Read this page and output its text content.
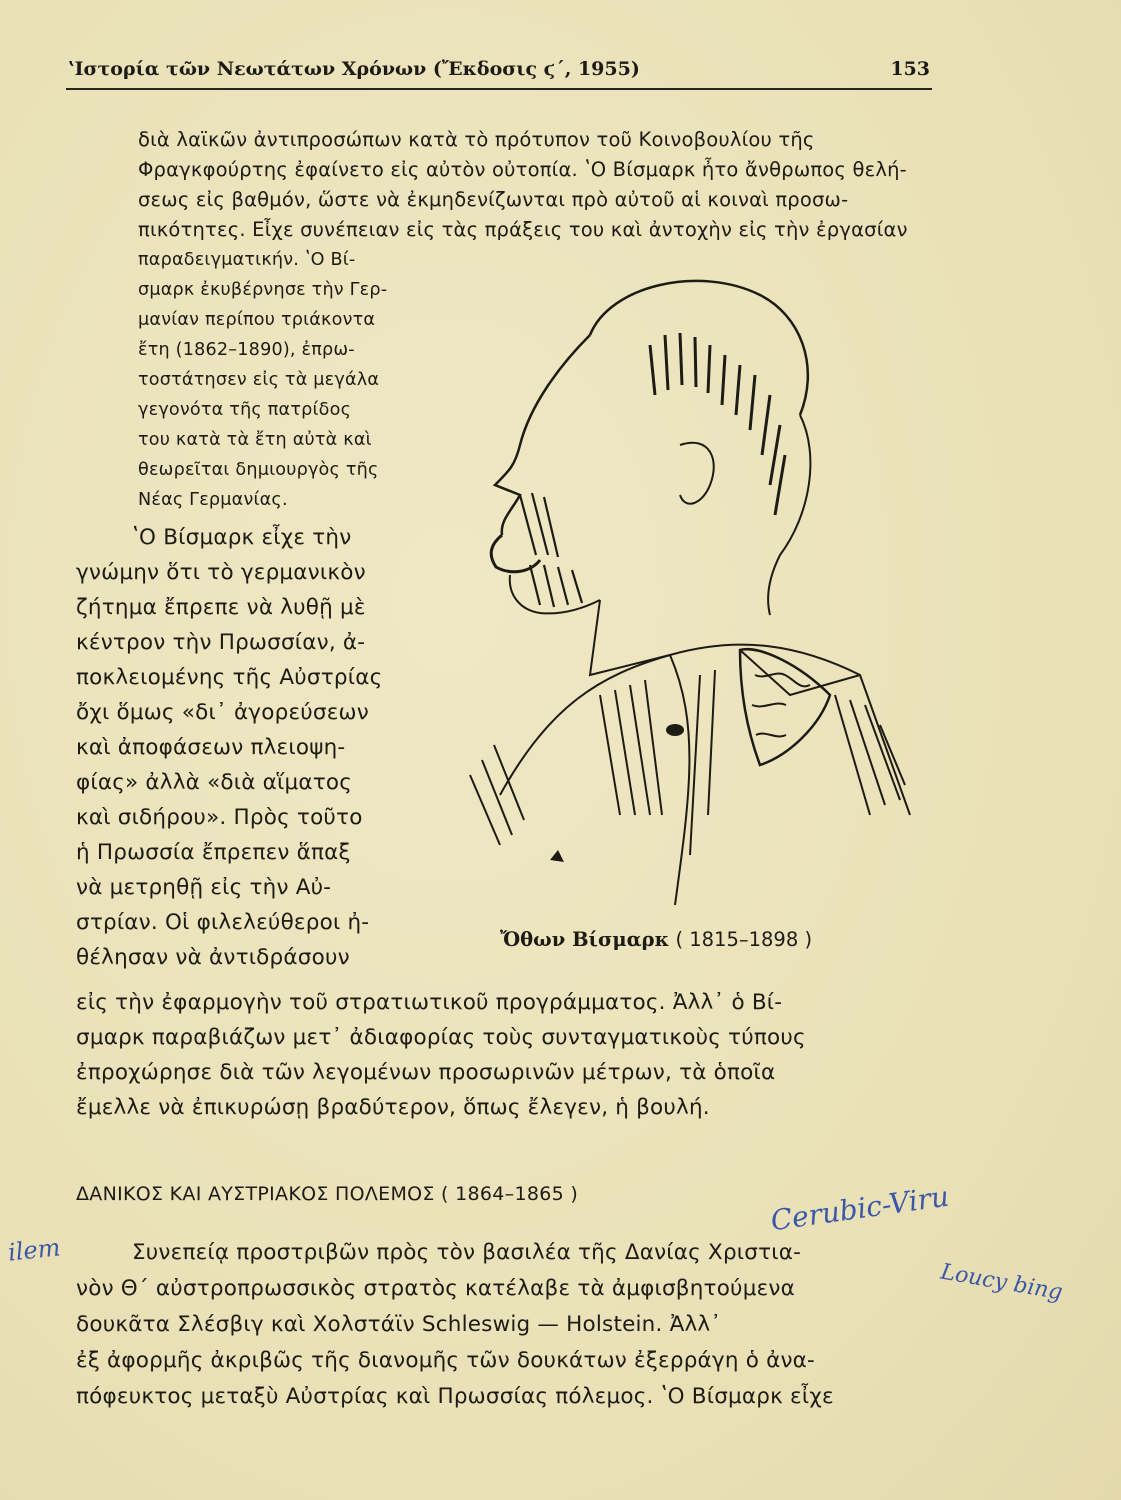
ʽΙστορία τῶν Νεωτάτων Χρόνων (Ἔκδοσις ϛ΄, 1955)	153
διὰ λαϊκῶν ἀντιπροσώπων κατὰ τὸ πρότυπον τοῦ Κοινοβουλίου τῆς
Φραγκφούρτης ἐφαίνετο εἰς αὐτὸν οὐτοπία. ʽΟ Βίσμαρκ ἦτο ἄνθρωπος θελή-
σεως εἰς βαθμόν, ὥστε νὰ ἐκμηδενίζωνται πρὸ αὐτοῦ αἱ κοιναὶ προσω-
πικότητες. Εἶχε συνέπειαν εἰς τὰς πράξεις του καὶ ἀντοχὴν εἰς τὴν ἐργασίαν
παραδειγματικήν. ʽΟ Βί-
σμαρκ ἐκυβέρνησε τὴν Γερ-
μανίαν περίπου τριάκοντα
ἔτη (1862–1890), ἐπρω-
τοστάτησεν εἰς τὰ μεγάλα
γεγονότα τῆς πατρίδος
του κατὰ τὰ ἔτη αὐτὰ καὶ
θεωρεῖται δημιουργὸς τῆς
Νέας Γερμανίας.
ʽΟ Βίσμαρκ εἶχε τὴν
γνώμην ὅτι τὸ γερμανικὸν
ζήτημα ἔπρεπε νὰ λυθῇ μὲ
κέντρον τὴν Πρωσσίαν, ἀ-
ποκλειομένης τῆς Αὐστρίας
ὄχι ὅμως «δι᾽ ἀγορεύσεων
καὶ ἀποφάσεων πλειοψη-
φίας» ἀλλὰ «διὰ αἵματος
καὶ σιδήρου». Πρὸς τοῦτο
ἡ Πρωσσία ἔπρεπεν ἅπαξ
νὰ μετρηθῇ εἰς τὴν Αὐ-
στρίαν. Οἱ φιλελεύθεροι ἠ-
θέλησαν νὰ ἀντιδράσουν
εἰς τὴν ἐφαρμογὴν τοῦ στρατιωτικοῦ προγράμματος. Ἀλλ᾽ ὁ Βί-
σμαρκ παραβιάζων μετ᾽ ἀδιαφορίας τοὺς συνταγματικοὺς τύπους
ἐπροχώρησε διὰ τῶν λεγομένων προσωρινῶν μέτρων, τὰ ὁποῖα
ἔμελλε νὰ ἐπικυρώσῃ βραδύτερον, ὅπως ἔλεγεν, ἡ βουλή.
Ὄθων Βίσμαρκ ( 1815–1898 )
ΔΑΝΙΚΟΣ ΚΑΙ ΑΥΣΤΡΙΑΚΟΣ ΠΟΛΕΜΟΣ ( 1864–1865 )
Συνεπείᾳ προστριβῶν πρὸς τὸν βασιλέα τῆς Δανίας Χριστια-
νὸν Θ΄ αὐστροπρωσσικὸς στρατὸς κατέλαβε τὰ ἀμφισβητούμενα
δουκᾶτα Σλέσβιγ καὶ Χολστάϊν Schleswig — Holstein. Ἀλλ᾽
ἐξ ἀφορμῆς ἀκριβῶς τῆς διανομῆς τῶν δουκάτων ἐξερράγη ὁ ἀνα-
πόφευκτος μεταξὺ Αὐστρίας καὶ Πρωσσίας πόλεμος. ʽΟ Βίσμαρκ εἶχε
Cerubic-Viru
ilem
Loucy bing
